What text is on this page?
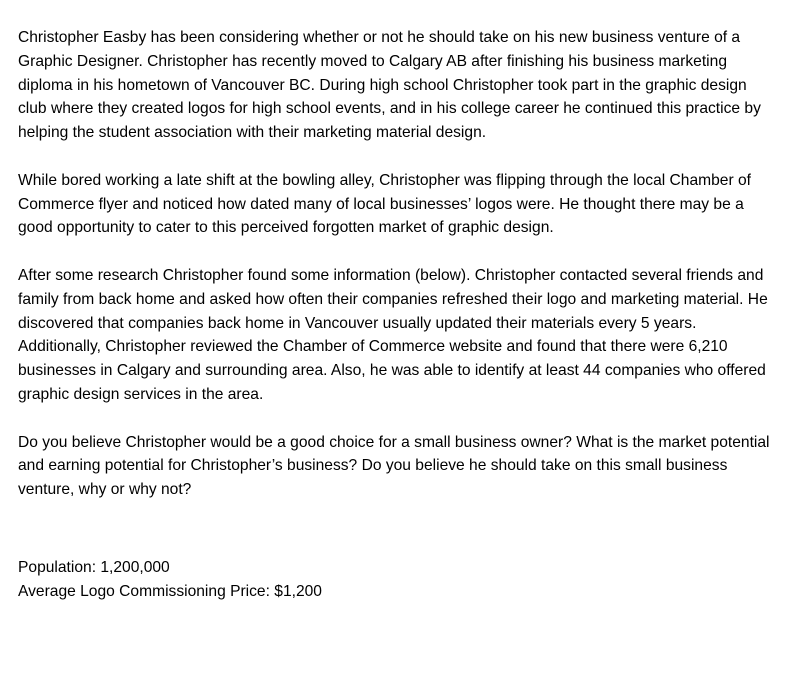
Christopher Easby has been considering whether or not he should take on his new business venture of a Graphic Designer. Christopher has recently moved to Calgary AB after finishing his business marketing diploma in his hometown of Vancouver BC. During high school Christopher took part in the graphic design club where they created logos for high school events, and in his college career he continued this practice by helping the student association with their marketing material design.

While bored working a late shift at the bowling alley, Christopher was flipping through the local Chamber of Commerce flyer and noticed how dated many of local businesses’ logos were. He thought there may be a good opportunity to cater to this perceived forgotten market of graphic design.

After some research Christopher found some information (below). Christopher contacted several friends and family from back home and asked how often their companies refreshed their logo and marketing material. He discovered that companies back home in Vancouver usually updated their materials every 5 years. Additionally, Christopher reviewed the Chamber of Commerce website and found that there were 6,210 businesses in Calgary and surrounding area. Also, he was able to identify at least 44 companies who offered graphic design services in the area.

Do you believe Christopher would be a good choice for a small business owner? What is the market potential and earning potential for Christopher’s business? Do you believe he should take on this small business venture, why or why not?

Population: 1,200,000

Average Logo Commissioning Price: $1,200
